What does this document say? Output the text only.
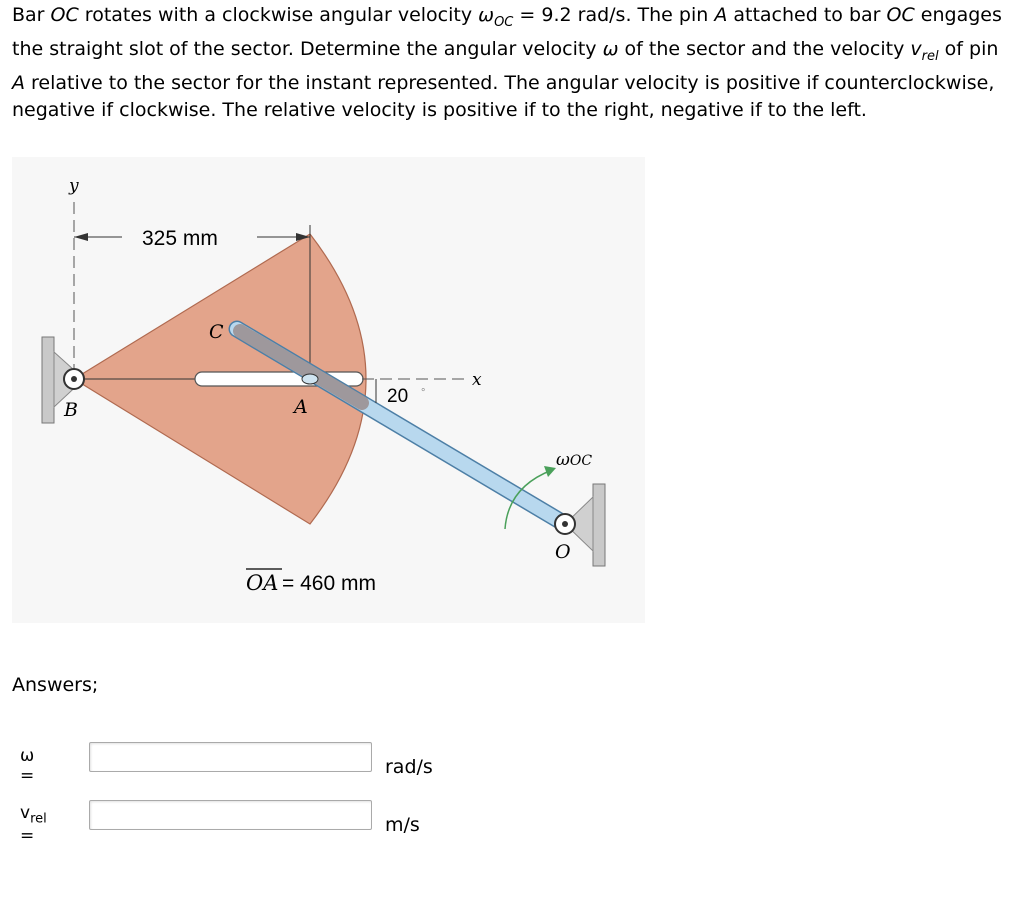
Bar OC rotates with a clockwise angular velocity $\omega_{OC} = 9.2$ rad/s. The pin A attached to bar OC engages the straight slot of the sector. Determine the angular velocity ω of the sector and the velocity $v_{rel}$ of pin A relative to the sector for the instant represented. The angular velocity is positive if counterclockwise, negative if clockwise. The relative velocity is positive if to the right, negative if to the left.
y
325 mm
B
C
A	20 °
x
ωOC
O
OA = 460 mm
Answers;
ω =	rad/s
$v_{rel}$ =
m/s
